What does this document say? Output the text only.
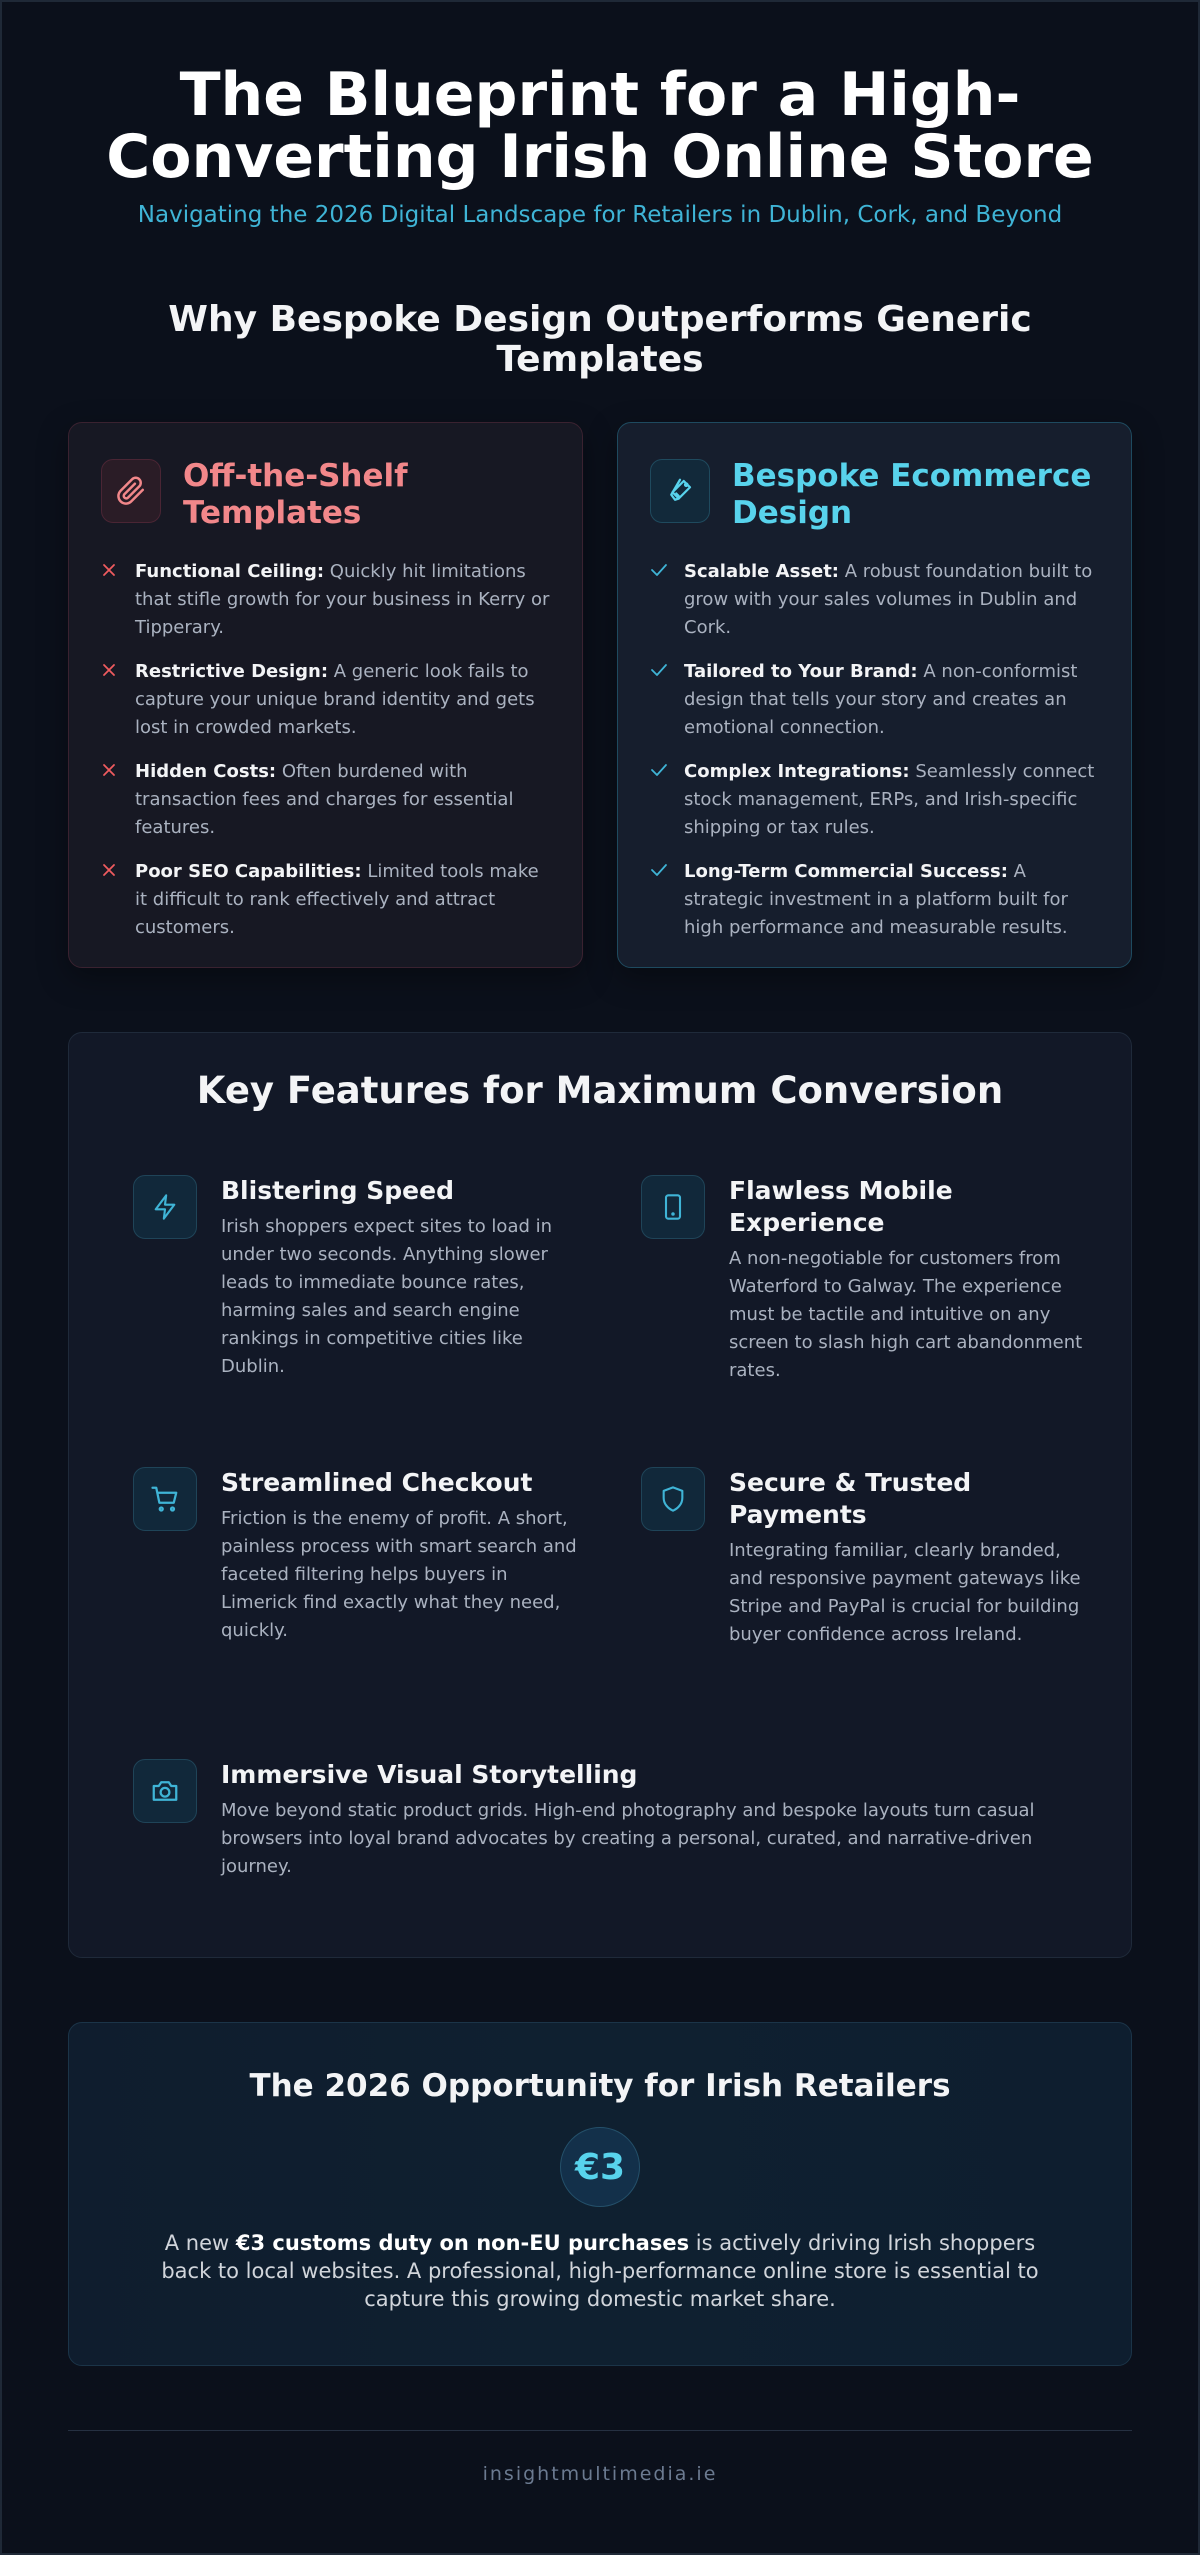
The Blueprint for a High-Converting Irish Online Store
Navigating the 2026 Digital Landscape for Retailers in Dublin, Cork, and Beyond
Why Bespoke Design Outperforms Generic Templates
Off-the-Shelf Templates
Functional Ceiling: Quickly hit limitations that stifle growth for your business in Kerry or Tipperary.
Restrictive Design: A generic look fails to capture your unique brand identity and gets lost in crowded markets.
Hidden Costs: Often burdened with transaction fees and charges for essential features.
Poor SEO Capabilities: Limited tools make it difficult to rank effectively and attract customers.
Bespoke Ecommerce Design
Scalable Asset: A robust foundation built to grow with your sales volumes in Dublin and Cork.
Tailored to Your Brand: A non-conformist design that tells your story and creates an emotional connection.
Complex Integrations: Seamlessly connect stock management, ERPs, and Irish-specific shipping or tax rules.
Long-Term Commercial Success: A strategic investment in a platform built for high performance and measurable results.
Key Features for Maximum Conversion
Blistering Speed

Irish shoppers expect sites to load in under two seconds. Anything slower leads to immediate bounce rates, harming sales and search engine rankings in competitive cities like Dublin.

Flawless Mobile Experience

A non-negotiable for customers from Waterford to Galway. The experience must be tactile and intuitive on any screen to slash high cart abandonment rates.

Streamlined Checkout

Friction is the enemy of profit. A short, painless process with smart search and faceted filtering helps buyers in Limerick find exactly what they need, quickly.

Secure & Trusted Payments

Integrating familiar, clearly branded, and responsive payment gateways like Stripe and PayPal is crucial for building buyer confidence across Ireland.

Immersive Visual Storytelling

Move beyond static product grids. High-end photography and bespoke layouts turn casual browsers into loyal brand advocates by creating a personal, curated, and narrative-driven journey.

The 2026 Opportunity for Irish Retailers
€3

A new €3 customs duty on non-EU purchases is actively driving Irish shoppers back to local websites. A professional, high-performance online store is essential to capture this growing domestic market share.

insightmultimedia.ie
